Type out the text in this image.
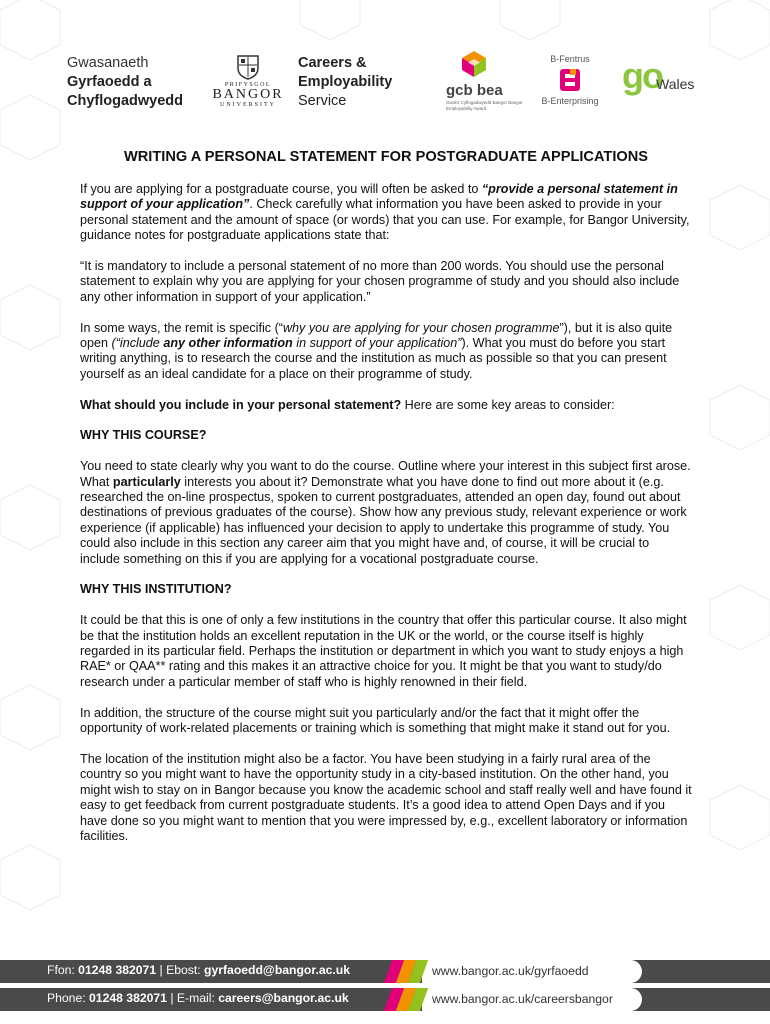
Gwasanaeth
Gyrfaoedd a
Chyflogadwyedd
PRIFYSGOL
BANGOR
UNIVERSITY
Careers &
Employability
Service
gcb bea
Gwobr Cyflogadwyedd Bangor Bangor Employability Award
B-Fentrus
B-Enterprising
go
Wales
WRITING A PERSONAL STATEMENT FOR POSTGRADUATE APPLICATIONS

If you are applying for a postgraduate course, you will often be asked to “provide a personal statement in support of your application”. Check carefully what information you have been asked to provide in your personal statement and the amount of space (or words) that you can use. For example, for Bangor University, guidance notes for postgraduate applications state that:

“It is mandatory to include a personal statement of no more than 200 words. You should use the personal statement to explain why you are applying for your chosen programme of study and you should also include any other information in support of your application.”

In some ways, the remit is specific (“why you are applying for your chosen programme”), but it is also quite open (“include any other information in support of your application”). What you must do before you start writing anything, is to research the course and the institution as much as possible so that you can present yourself as an ideal candidate for a place on their programme of study.

What should you include in your personal statement? Here are some key areas to consider:

WHY THIS COURSE?

You need to state clearly why you want to do the course. Outline where your interest in this subject first arose. What particularly interests you about it? Demonstrate what you have done to find out more about it (e.g. researched the on-line prospectus, spoken to current postgraduates, attended an open day, found out about destinations of previous graduates of the course). Show how any previous study, relevant experience or work experience (if applicable) has influenced your decision to apply to undertake this programme of study. You could also include in this section any career aim that you might have and, of course, it will be crucial to include something on this if you are applying for a vocational postgraduate course.

WHY THIS INSTITUTION?

It could be that this is one of only a few institutions in the country that offer this particular course. It also might be that the institution holds an excellent reputation in the UK or the world, or the course itself is highly regarded in its particular field. Perhaps the institution or department in which you want to study enjoys a high RAE* or QAA** rating and this makes it an attractive choice for you. It might be that you want to study/do research under a particular member of staff who is highly renowned in their field.

In addition, the structure of the course might suit you particularly and/or the fact that it might offer the opportunity of work-related placements or training which is something that might make it stand out for you.

The location of the institution might also be a factor. You have been studying in a fairly rural area of the country so you might want to have the opportunity study in a city-based institution. On the other hand, you might wish to stay on in Bangor because you know the academic school and staff really well and have found it easy to get feedback from current postgraduate students. It’s a good idea to attend Open Days and if you have done so you might want to mention that you were impressed by, e.g., excellent laboratory or information facilities.

Ffon: 01248 382071 | Ebost: gyrfaoedd@bangor.ac.uk	www.bangor.ac.uk/gyrfaoedd
Phone: 01248 382071 | E-mail: careers@bangor.ac.uk	www.bangor.ac.uk/careersbangor
